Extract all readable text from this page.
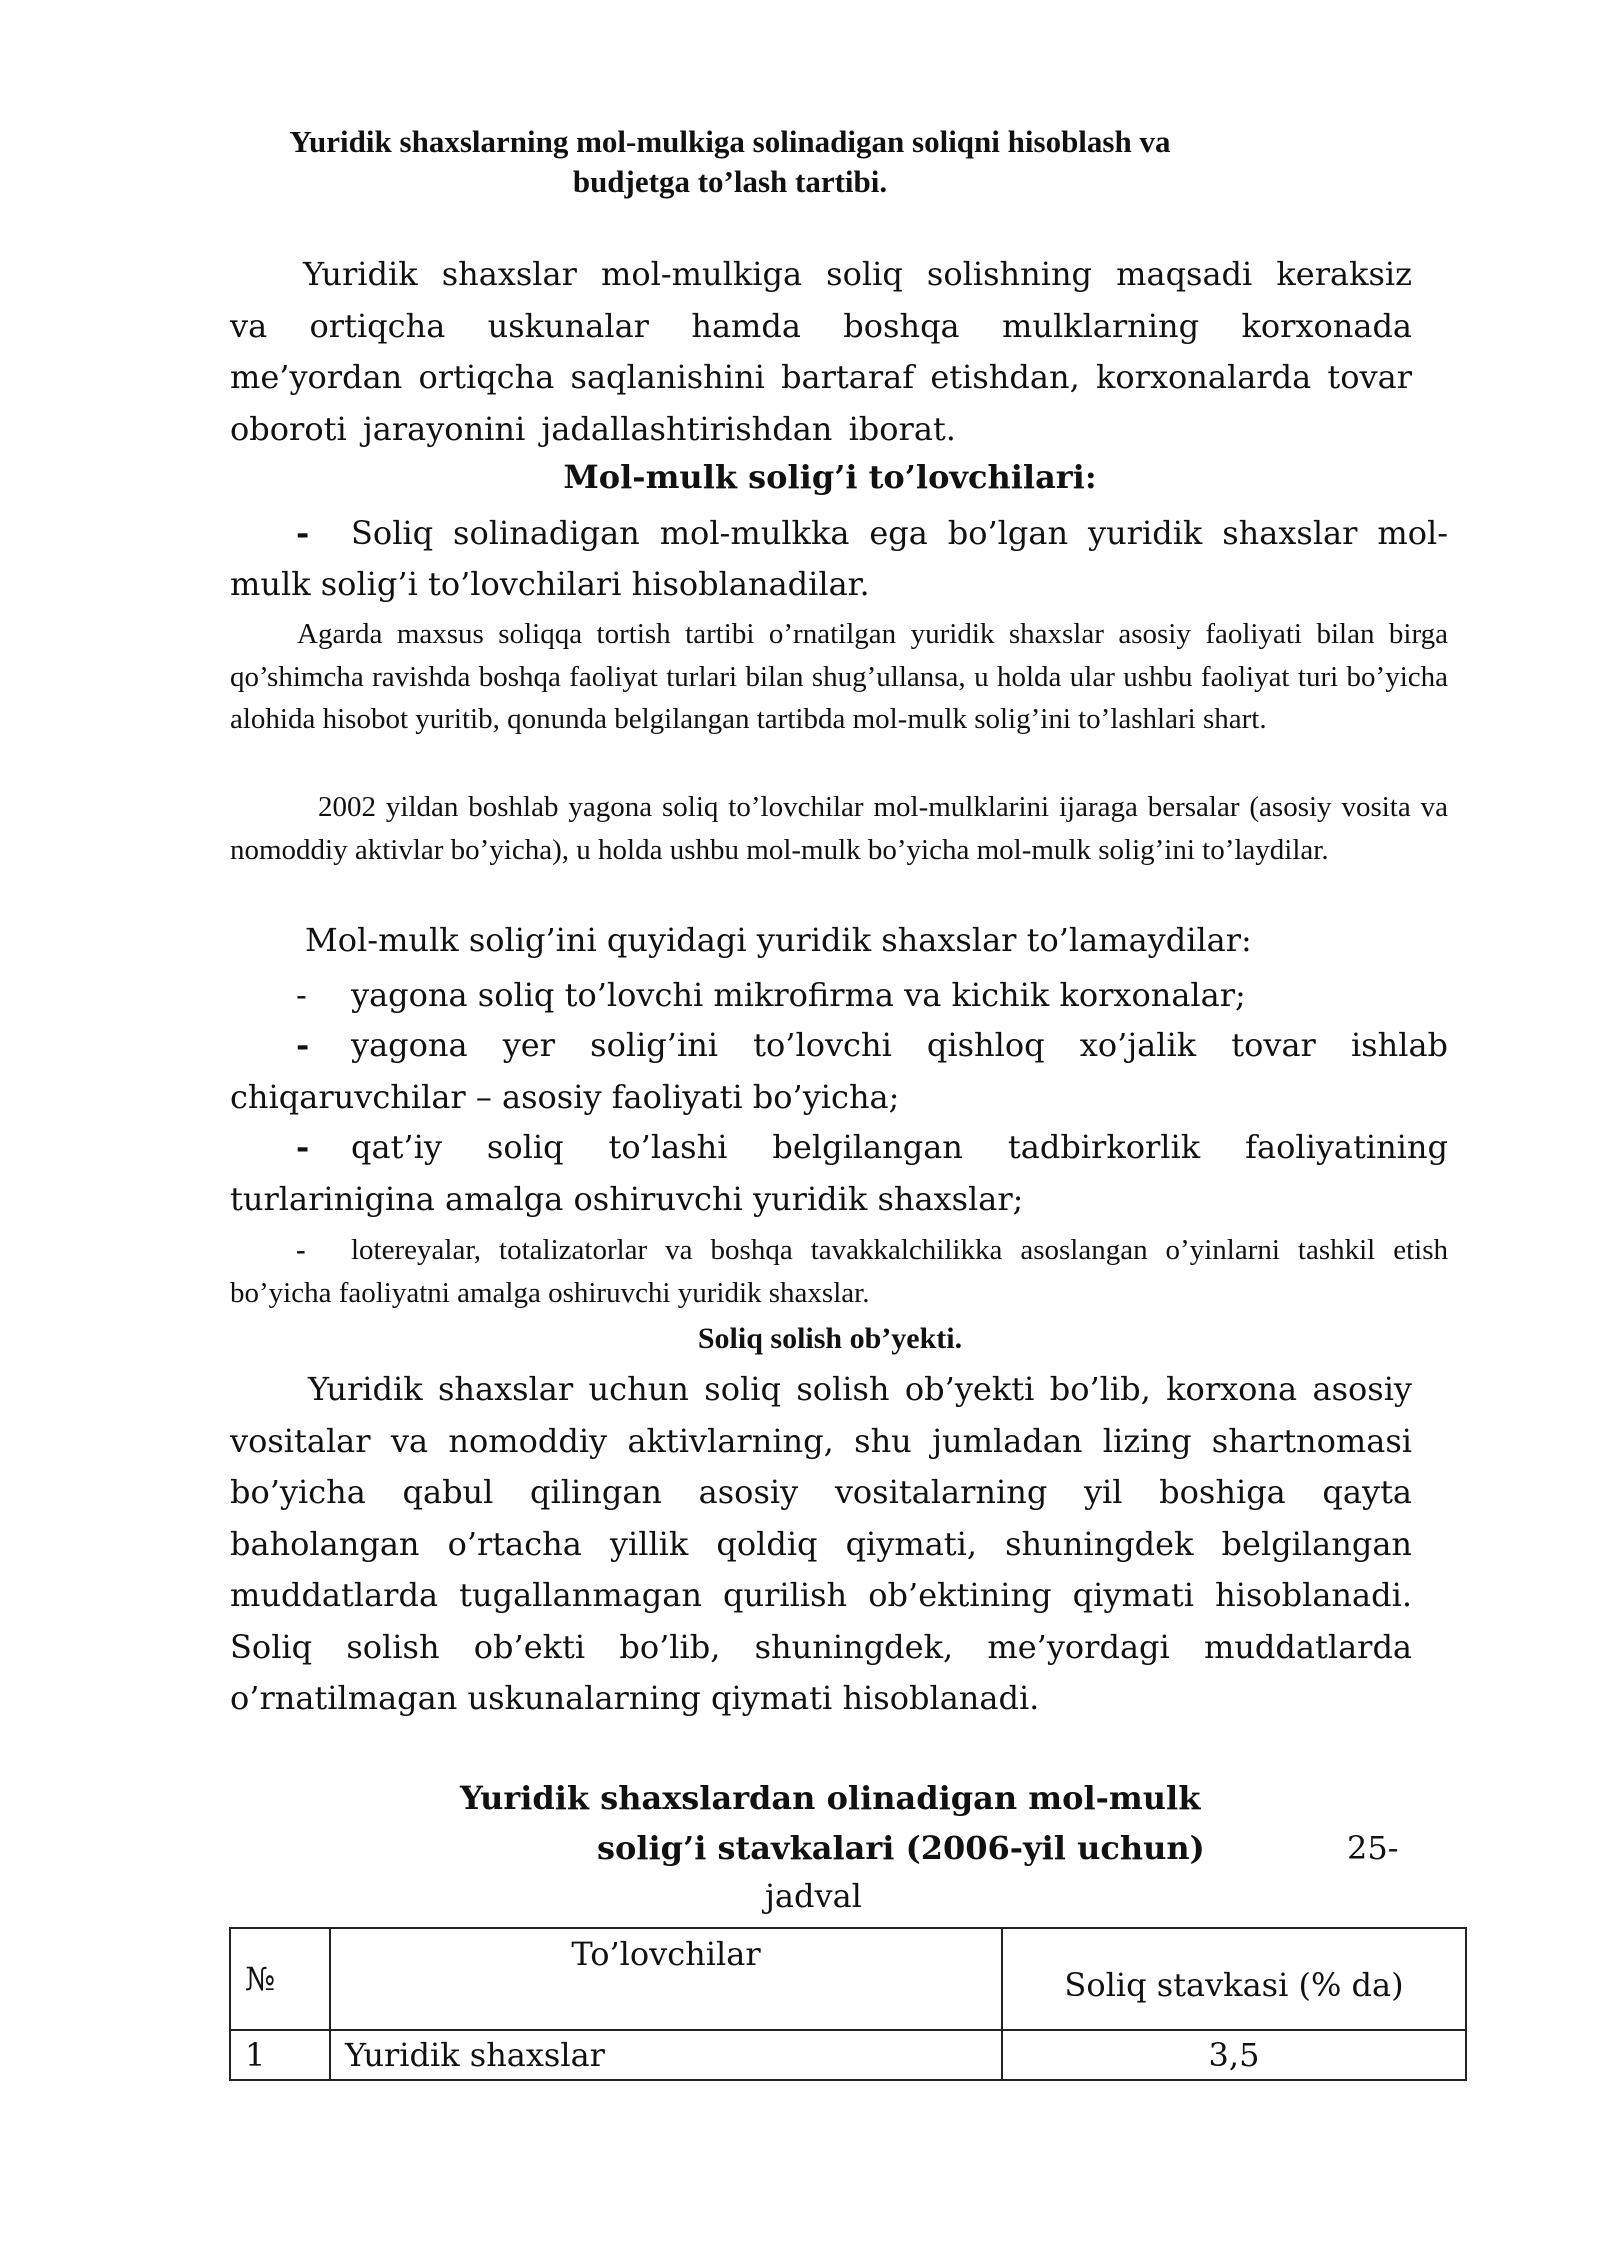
Yuridik shaxslarning mol-mulkiga solinadigan soliqni hisoblash va
budjetga to’lash tartibi.

Yuridik shaxslar mol-mulkiga soliq solishning maqsadi keraksiz va ortiqcha uskunalar hamda boshqa mulklarning korxonada me’yordan ortiqcha saqlanishini bartaraf etishdan, korxonalarda tovar oboroti jarayonini jadallashtirishdan iborat.

Mol-mulk solig’i to’lovchilari:

- Soliq solinadigan mol-mulkka ega bo’lgan yuridik shaxslar mol-mulk solig’i to’lovchilari hisoblanadilar.

Agarda maxsus soliqqa tortish tartibi o’rnatilgan yuridik shaxslar asosiy faoliyati bilan birga qo’shimcha ravishda boshqa faoliyat turlari bilan shug’ullansa, u holda ular ushbu faoliyat turi bo’yicha alohida hisobot yuritib, qonunda belgilangan tartibda mol-mulk solig’ini to’lashlari shart.

2002 yildan boshlab yagona soliq to’lovchilar mol-mulklarini ijaraga bersalar (asosiy vosita va nomoddiy aktivlar bo’yicha), u holda ushbu mol-mulk bo’yicha mol-mulk solig’ini to’laydilar.

Mol-mulk solig’ini quyidagi yuridik shaxslar to’lamaydilar:

- yagona soliq to’lovchi mikrofirma va kichik korxonalar;

- yagona yer solig’ini to’lovchi qishloq xo’jalik tovar ishlab chiqaruvchilar – asosiy faoliyati bo’yicha;

- qat’iy soliq to’lashi belgilangan tadbirkorlik faoliyatining turlarinigina amalga oshiruvchi yuridik shaxslar;

- lotereyalar, totalizatorlar va boshqa tavakkalchilikka asoslangan o’yinlarni tashkil etish bo’yicha faoliyatni amalga oshiruvchi yuridik shaxslar.

Soliq solish ob’yekti.

Yuridik shaxslar uchun soliq solish ob’yekti bo’lib, korxona asosiy vositalar va nomoddiy aktivlarning, shu jumladan lizing shartnomasi bo’yicha qabul qilingan asosiy vositalarning yil boshiga qayta baholangan o’rtacha yillik qoldiq qiymati, shuningdek belgilangan muddatlarda tugallanmagan qurilish ob’ektining qiymati hisoblanadi. Soliq solish ob’ekti bo’lib, shuningdek, me’yordagi muddatlarda o’rnatilmagan uskunalarning qiymati hisoblanadi.

Yuridik shaxslardan olinadigan mol-mulk
solig’i stavkalari (2006-yil uchun)	25-
jadval
№	To’lovchilar	Soliq stavkasi (% da)
1	Yuridik shaxslar	3,5
